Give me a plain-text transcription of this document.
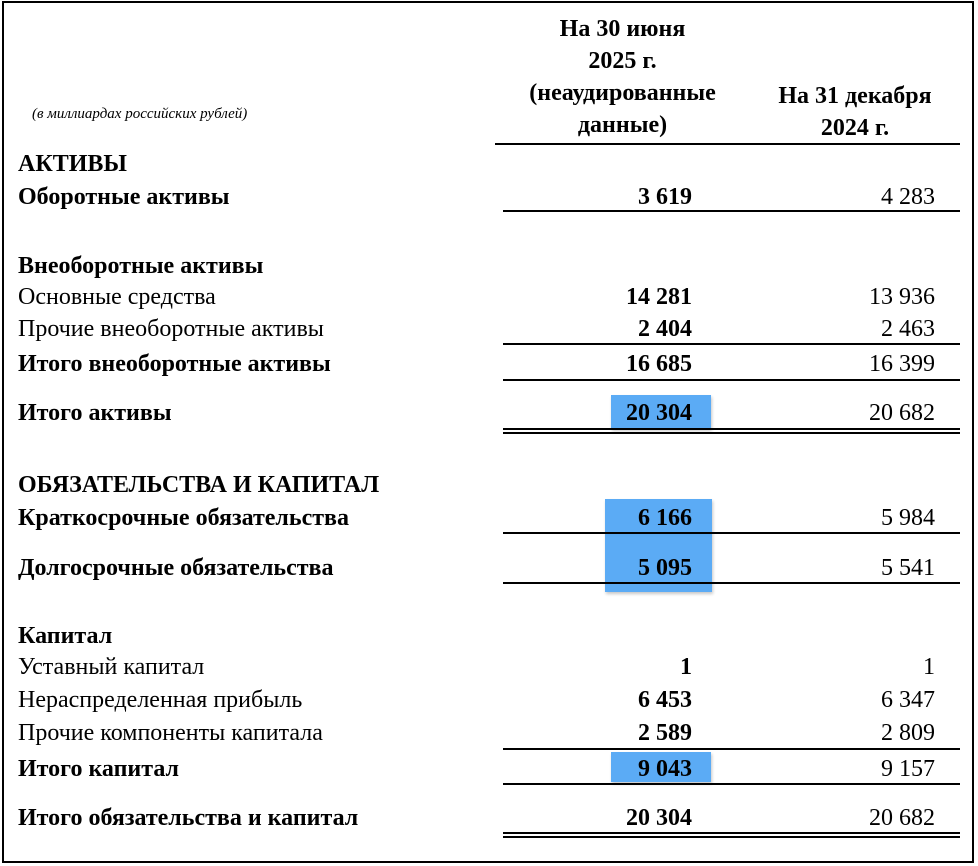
(в миллиардах российских рублей)
На 30 июня
2025 г.
(неаудированные
данные)
На 31 декабря
2024 г.
АКТИВЫ
Оборотные активы	3 619	4 283
Внеоборотные активы
Основные средства	14 281	13 936
Прочие внеоборотные активы	2 404	2 463
Итого внеоборотные активы	16 685	16 399
Итого активы	20 304	20 682
ОБЯЗАТЕЛЬСТВА И КАПИТАЛ
Краткосрочные обязательства	6 166	5 984
Долгосрочные обязательства	5 095	5 541
Капитал
Уставный капитал	1	1
Нераспределенная прибыль	6 453	6 347
Прочие компоненты капитала	2 589	2 809
Итого капитал	9 043	9 157
Итого обязательства и капитал	20 304	20 682
